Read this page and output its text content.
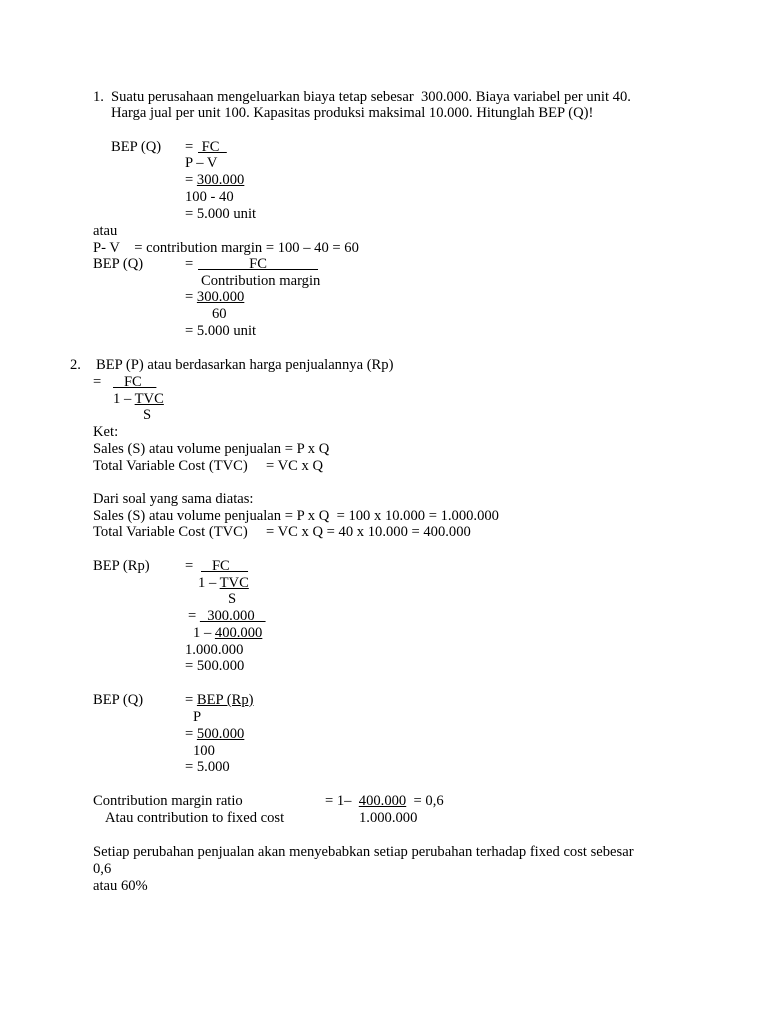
1. Suatu perusahaan mengeluarkan biaya tetap sebesar  300.000. Biaya variabel per unit 40.
Harga jual per unit 100. Kapasitas produksi maksimal 10.000. Hitunglah BEP (Q)!
BEP (Q) = FC
P – V
= 300.000
100 - 40
= 5.000 unit
atau
P- V    = contribution margin = 100 – 40 = 60
BEP (Q)	= FC
Contribution margin
= 300.000
60
= 5.000 unit
2. BEP (P) atau berdasarkan harga penjualannya (Rp)
= FC
1 – TVC
S
Ket:
Sales (S) atau volume penjualan = P x Q
Total Variable Cost (TVC)     = VC x Q
Dari soal yang sama diatas:
Sales (S) atau volume penjualan = P x Q  = 100 x 10.000 = 1.000.000
Total Variable Cost (TVC)     = VC x Q = 40 x 10.000 = 400.000
BEP (Rp) = FC
1 – TVC
S
=   300.000
1 – 400.000
1.000.000
= 500.000
BEP (Q)	= BEP (Rp)
P
= 500.000
100
= 5.000
Contribution margin ratio	= 1–  400.000  = 0,6
Atau contribution to fixed cost	1.000.000
Setiap perubahan penjualan akan menyebabkan setiap perubahan terhadap fixed cost sebesar
0,6
atau 60%
